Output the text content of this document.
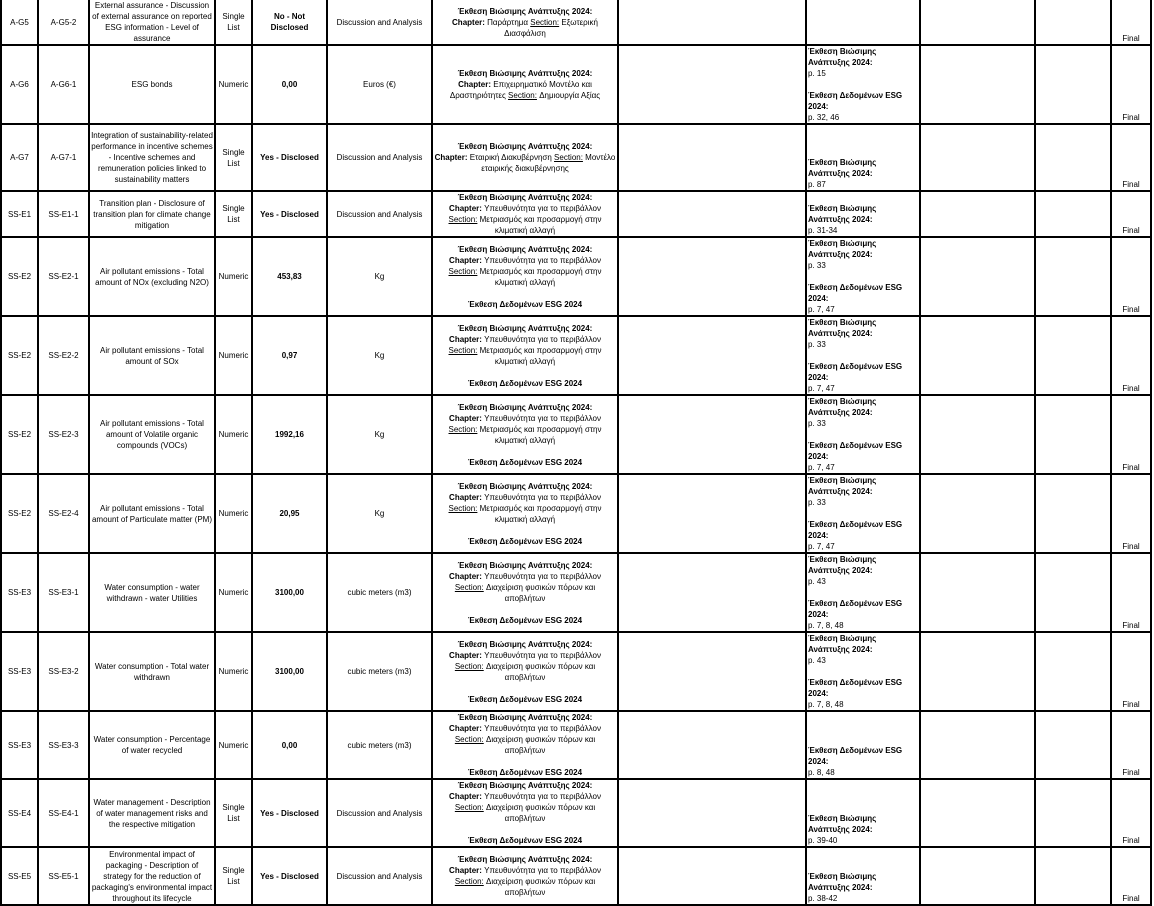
A-G5	A-G5-2	External assurance - Discussion of external assurance on reported ESG information - Level of assurance	Single List	No - Not Disclosed	Discussion and Analysis	Έκθεση Βιώσιμης Ανάπτυξης 2024:
Chapter: Παράρτημα Section: Εξωτερική Διασφάλιση					Final
A-G6	A-G6-1	ESG bonds	Numeric	0,00	Euros (€)	Έκθεση Βιώσιμης Ανάπτυξης 2024:
Chapter: Επιχειρηματικό Μοντέλο και Δραστηριότητες Section: Δημιουργία Αξίας		Έκθεση Βιώσιμης Ανάπτυξης 2024:
p. 15
Έκθεση Δεδομένων ESG 2024:
p. 32, 46			Final
A-G7	A-G7-1	Integration of sustainability-related performance in incentive schemes - Incentive schemes and remuneration policies linked to sustainability matters	Single List	Yes - Disclosed	Discussion and Analysis	Έκθεση Βιώσιμης Ανάπτυξης 2024:
Chapter: Εταιρική Διακυβέρνηση Section: Μοντέλο εταιρικής διακυβέρνησης		Έκθεση Βιώσιμης Ανάπτυξης 2024:
p. 87			Final
SS-E1	SS-E1-1	Transition plan - Disclosure of transition plan for climate change mitigation	Single List	Yes - Disclosed	Discussion and Analysis	Έκθεση Βιώσιμης Ανάπτυξης 2024:
Chapter: Υπευθυνότητα για το περιβάλλον Section: Μετριασμός και προσαρμογή στην κλιματική αλλαγή		Έκθεση Βιώσιμης Ανάπτυξης 2024:
p. 31-34			Final
SS-E2	SS-E2-1	Air pollutant emissions - Total amount of NOx (excluding N2O)	Numeric	453,83	Kg	Έκθεση Βιώσιμης Ανάπτυξης 2024:
Chapter: Υπευθυνότητα για το περιβάλλον Section: Μετριασμός και προσαρμογή στην κλιματική αλλαγή
Έκθεση Δεδομένων ESG 2024		Έκθεση Βιώσιμης Ανάπτυξης 2024:
p. 33
Έκθεση Δεδομένων ESG 2024:
p. 7, 47			Final
SS-E2	SS-E2-2	Air pollutant emissions - Total amount of SOx	Numeric	0,97	Kg	Έκθεση Βιώσιμης Ανάπτυξης 2024:
Chapter: Υπευθυνότητα για το περιβάλλον Section: Μετριασμός και προσαρμογή στην κλιματική αλλαγή
Έκθεση Δεδομένων ESG 2024		Έκθεση Βιώσιμης Ανάπτυξης 2024:
p. 33
Έκθεση Δεδομένων ESG 2024:
p. 7, 47			Final
SS-E2	SS-E2-3	Air pollutant emissions - Total amount of Volatile organic compounds (VOCs)	Numeric	1992,16	Kg	Έκθεση Βιώσιμης Ανάπτυξης 2024:
Chapter: Υπευθυνότητα για το περιβάλλον Section: Μετριασμός και προσαρμογή στην κλιματική αλλαγή
Έκθεση Δεδομένων ESG 2024		Έκθεση Βιώσιμης Ανάπτυξης 2024:
p. 33
Έκθεση Δεδομένων ESG 2024:
p. 7, 47			Final
SS-E2	SS-E2-4	Air pollutant emissions - Total amount of Particulate matter (PM)	Numeric	20,95	Kg	Έκθεση Βιώσιμης Ανάπτυξης 2024:
Chapter: Υπευθυνότητα για το περιβάλλον Section: Μετριασμός και προσαρμογή στην κλιματική αλλαγή
Έκθεση Δεδομένων ESG 2024		Έκθεση Βιώσιμης Ανάπτυξης 2024:
p. 33
Έκθεση Δεδομένων ESG 2024:
p. 7, 47			Final
SS-E3	SS-E3-1	Water consumption - water withdrawn - water Utilities	Numeric	3100,00	cubic meters (m3)	Έκθεση Βιώσιμης Ανάπτυξης 2024:
Chapter: Υπευθυνότητα για το περιβάλλον Section: Διαχείριση φυσικών πόρων και αποβλήτων
Έκθεση Δεδομένων ESG 2024		Έκθεση Βιώσιμης Ανάπτυξης 2024:
p. 43
Έκθεση Δεδομένων ESG 2024:
p. 7, 8, 48			Final
SS-E3	SS-E3-2	Water consumption - Total water withdrawn	Numeric	3100,00	cubic meters (m3)	Έκθεση Βιώσιμης Ανάπτυξης 2024:
Chapter: Υπευθυνότητα για το περιβάλλον Section: Διαχείριση φυσικών πόρων και αποβλήτων
Έκθεση Δεδομένων ESG 2024		Έκθεση Βιώσιμης Ανάπτυξης 2024:
p. 43
Έκθεση Δεδομένων ESG 2024:
p. 7, 8, 48			Final
SS-E3	SS-E3-3	Water consumption - Percentage of water recycled	Numeric	0,00	cubic meters (m3)	Έκθεση Βιώσιμης Ανάπτυξης 2024:
Chapter: Υπευθυνότητα για το περιβάλλον Section: Διαχείριση φυσικών πόρων και αποβλήτων
Έκθεση Δεδομένων ESG 2024		Έκθεση Δεδομένων ESG 2024:
p. 8, 48			Final
SS-E4	SS-E4-1	Water management - Description of water management risks and the respective mitigation	Single List	Yes - Disclosed	Discussion and Analysis	Έκθεση Βιώσιμης Ανάπτυξης 2024:
Chapter: Υπευθυνότητα για το περιβάλλον Section: Διαχείριση φυσικών πόρων και αποβλήτων
Έκθεση Δεδομένων ESG 2024		Έκθεση Βιώσιμης Ανάπτυξης 2024:
p. 39-40			Final
SS-E5	SS-E5-1	Environmental impact of packaging - Description of strategy for the reduction of packaging's environmental impact throughout its lifecycle	Single List	Yes - Disclosed	Discussion and Analysis	Έκθεση Βιώσιμης Ανάπτυξης 2024:
Chapter: Υπευθυνότητα για το περιβάλλον Section: Διαχείριση φυσικών πόρων και αποβλήτων		Έκθεση Βιώσιμης Ανάπτυξης 2024:
p. 38-42			Final
